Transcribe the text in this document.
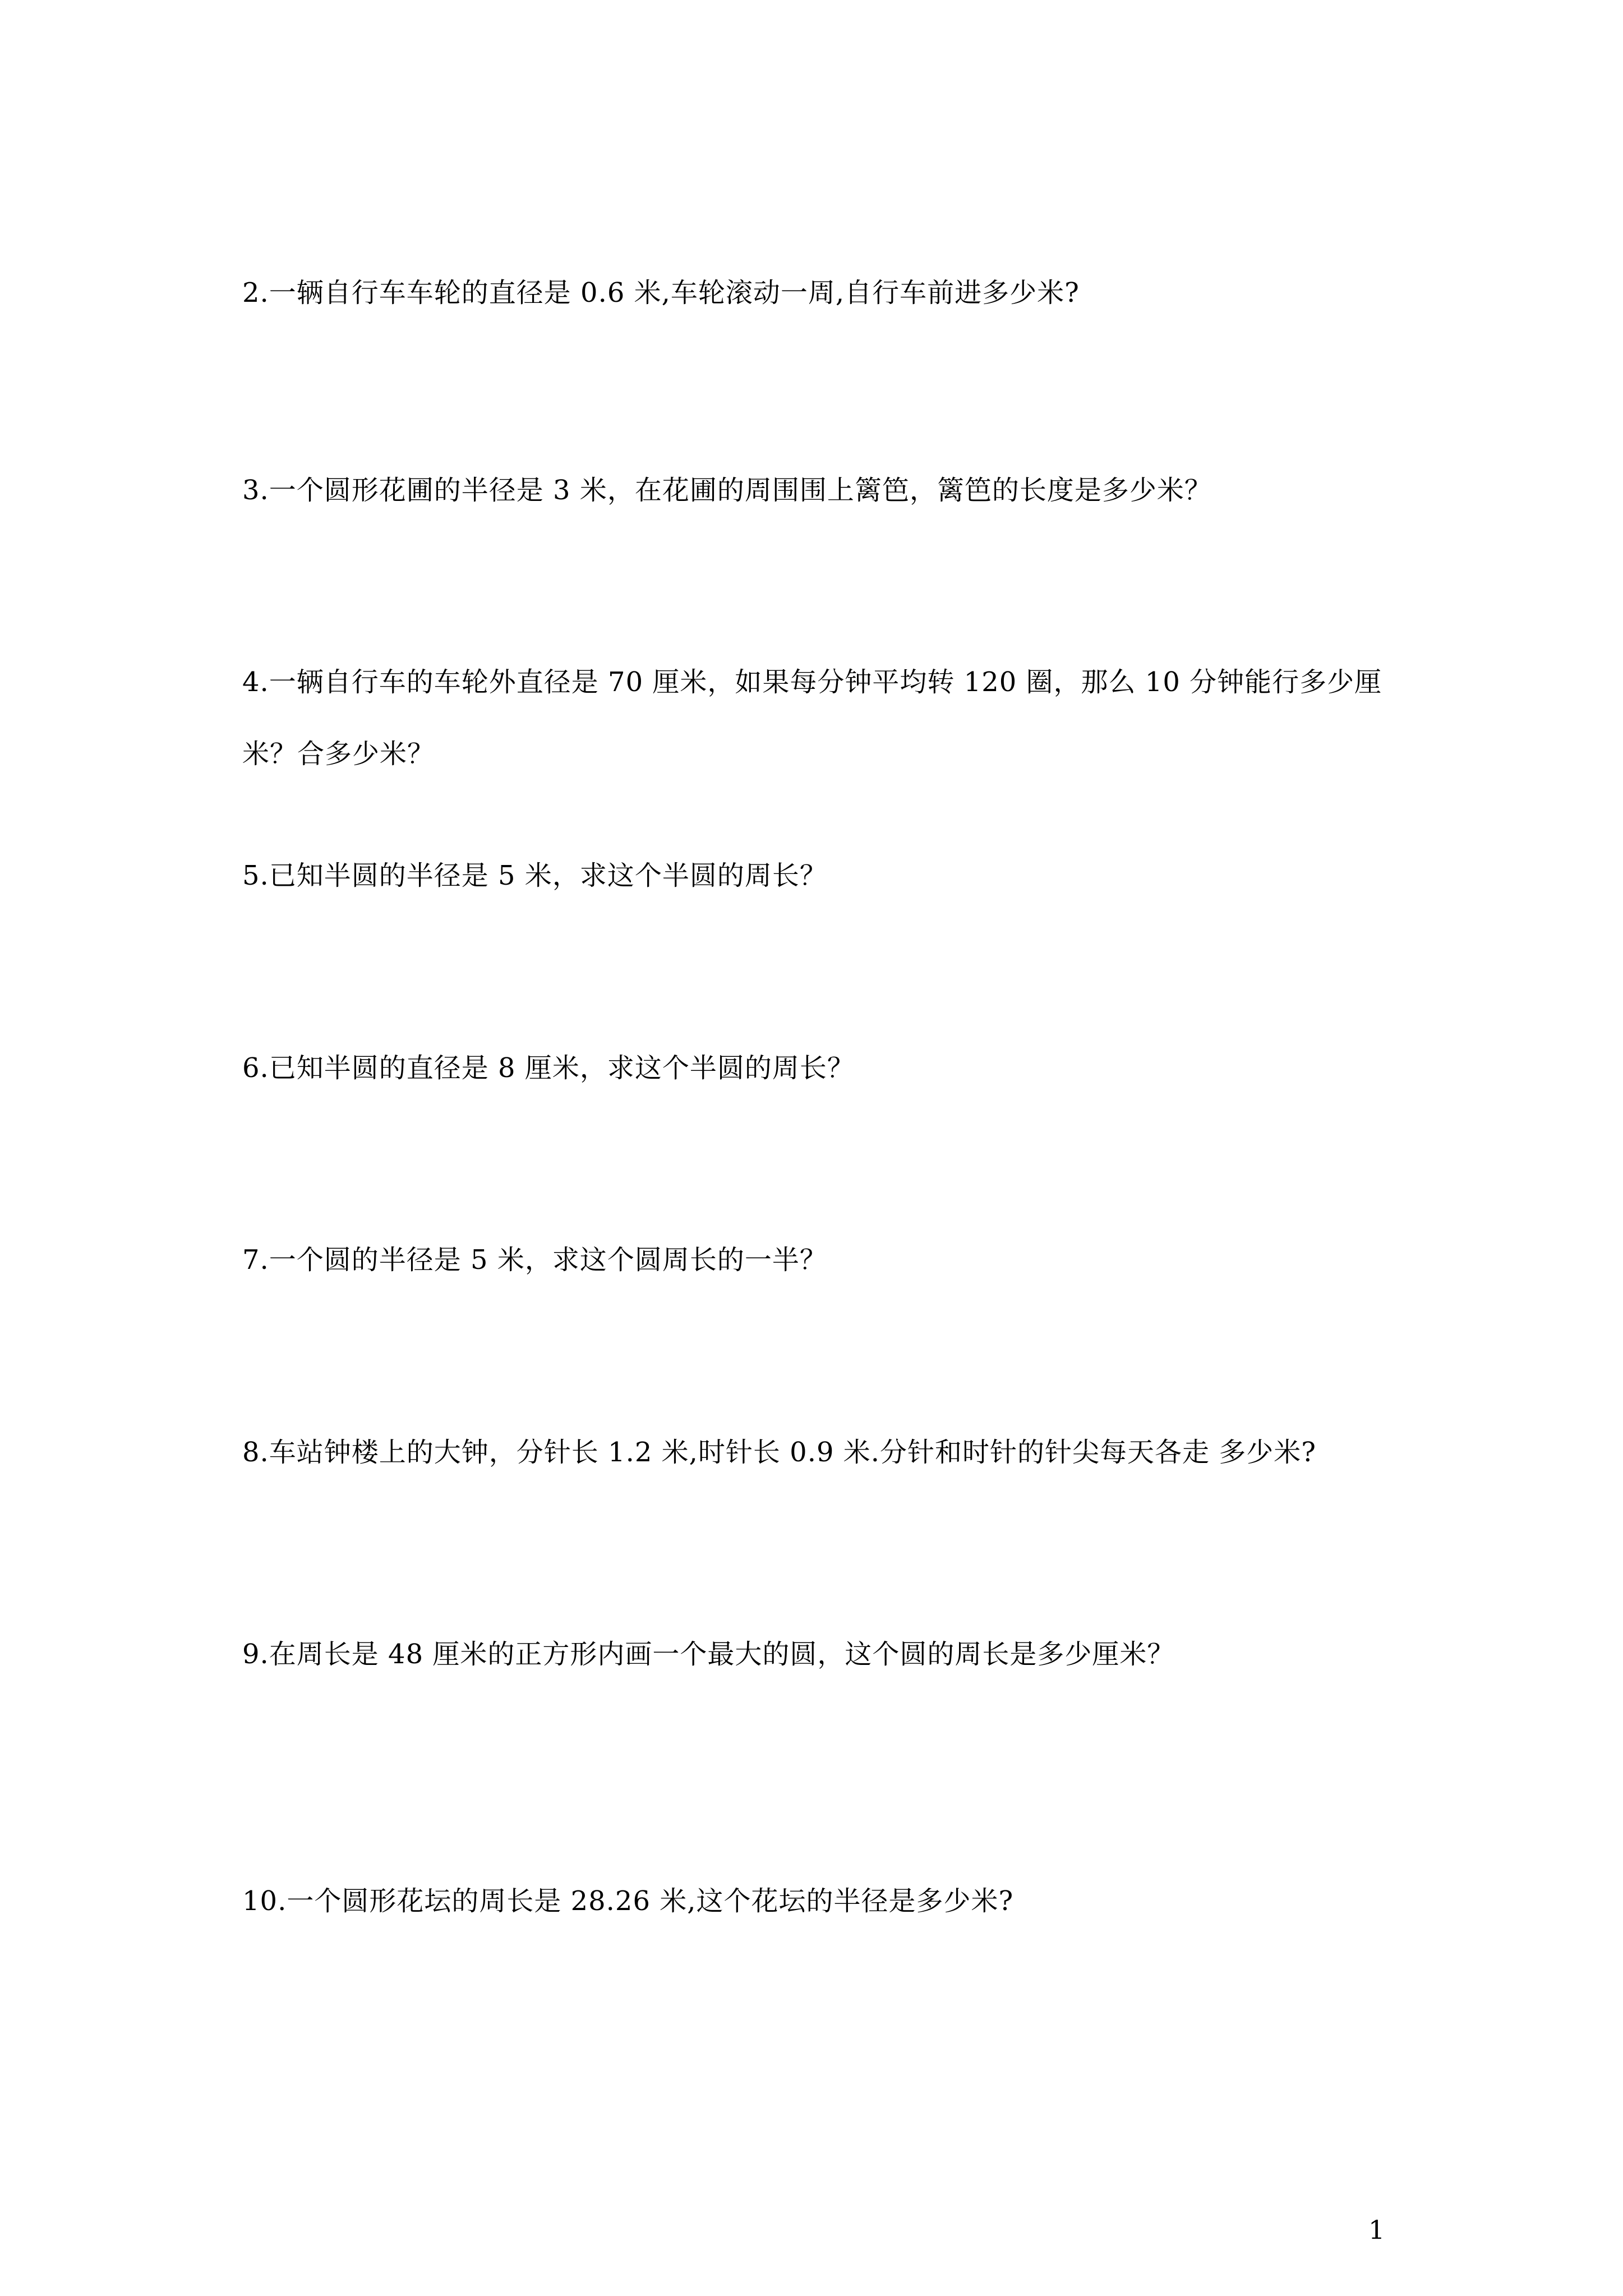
2.一辆自行车车轮的直径是 0.6 米,车轮滚动一周,自行车前进多少米?
3.一个圆形花圃的半径是 3 米，在花圃的周围围上篱笆，篱笆的长度是多少米？
4.一辆自行车的车轮外直径是 70 厘米，如果每分钟平均转 120 圈，那么 10 分钟能行多少厘米？合多少米？
5.已知半圆的半径是 5 米，求这个半圆的周长？
6.已知半圆的直径是 8 厘米，求这个半圆的周长？
7.一个圆的半径是 5 米，求这个圆周长的一半？
8.车站钟楼上的大钟，分针长 1.2 米,时针长 0.9 米.分针和时针的针尖每天各走 多少米?
9.在周长是 48 厘米的正方形内画一个最大的圆，这个圆的周长是多少厘米？
10.一个圆形花坛的周长是 28.26 米,这个花坛的半径是多少米?
1
